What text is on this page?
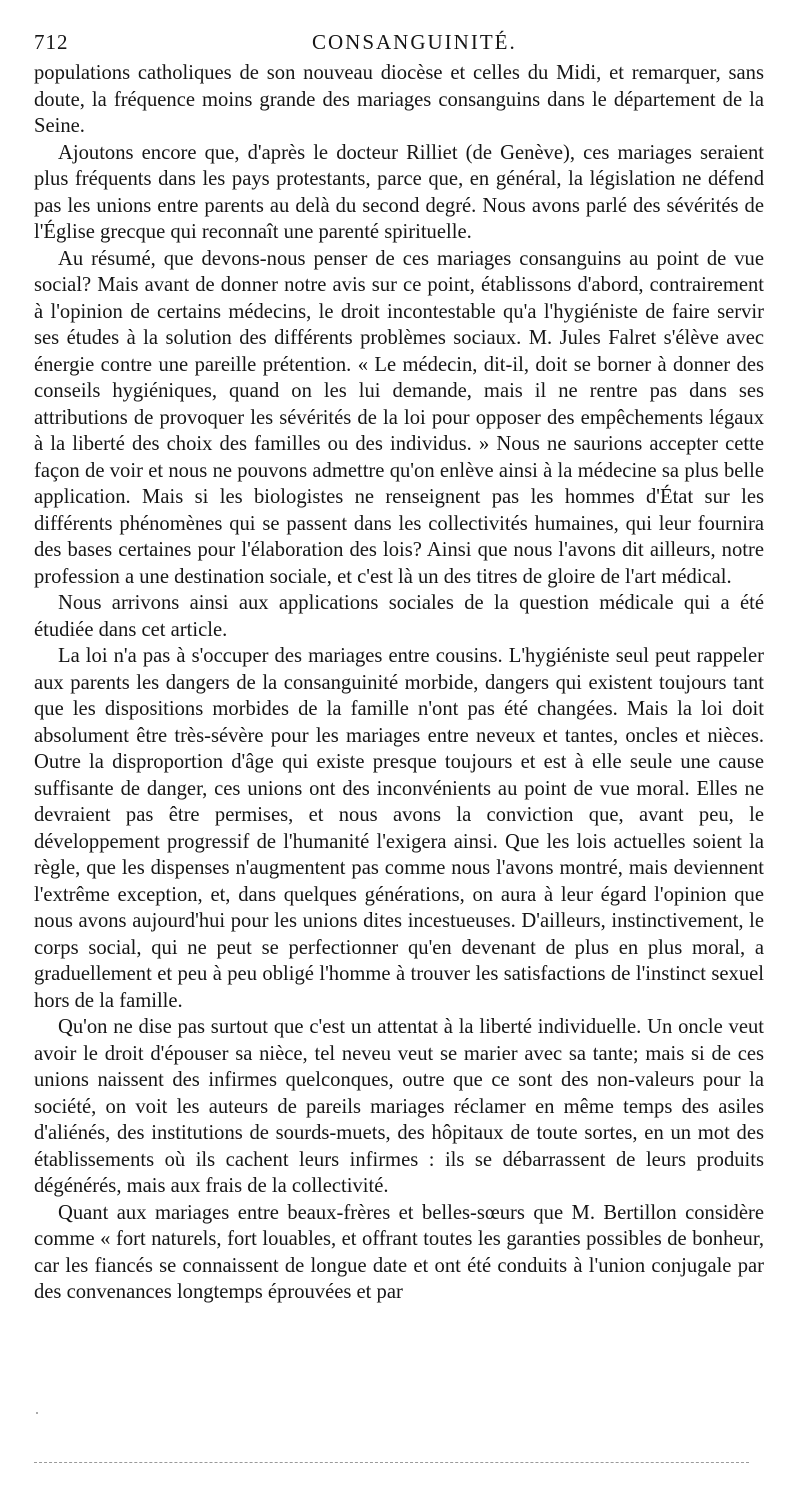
712	CONSANGUINITÉ.

populations catholiques de son nouveau diocèse et celles du Midi, et remarquer, sans doute, la fréquence moins grande des mariages consanguins dans le département de la Seine.

Ajoutons encore que, d'après le docteur Rilliet (de Genève), ces mariages seraient plus fréquents dans les pays protestants, parce que, en général, la législation ne défend pas les unions entre parents au delà du second degré. Nous avons parlé des sévérités de l'Église grecque qui reconnaît une parenté spirituelle.

Au résumé, que devons-nous penser de ces mariages consanguins au point de vue social? Mais avant de donner notre avis sur ce point, établissons d'abord, contrairement à l'opinion de certains médecins, le droit incontestable qu'a l'hygiéniste de faire servir ses études à la solution des différents problèmes sociaux. M. Jules Falret s'élève avec énergie contre une pareille prétention. « Le médecin, dit-il, doit se borner à donner des conseils hygiéniques, quand on les lui demande, mais il ne rentre pas dans ses attributions de provoquer les sévérités de la loi pour opposer des empêchements légaux à la liberté des choix des familles ou des individus. » Nous ne saurions accepter cette façon de voir et nous ne pouvons admettre qu'on enlève ainsi à la médecine sa plus belle application. Mais si les biologistes ne renseignent pas les hommes d'État sur les différents phénomènes qui se passent dans les collectivités humaines, qui leur fournira des bases certaines pour l'élaboration des lois? Ainsi que nous l'avons dit ailleurs, notre profession a une destination sociale, et c'est là un des titres de gloire de l'art médical.

Nous arrivons ainsi aux applications sociales de la question médicale qui a été étudiée dans cet article.

La loi n'a pas à s'occuper des mariages entre cousins. L'hygiéniste seul peut rappeler aux parents les dangers de la consanguinité morbide, dangers qui existent toujours tant que les dispositions morbides de la famille n'ont pas été changées. Mais la loi doit absolument être très-sévère pour les mariages entre neveux et tantes, oncles et nièces. Outre la disproportion d'âge qui existe presque toujours et est à elle seule une cause suffisante de danger, ces unions ont des inconvénients au point de vue moral. Elles ne devraient pas être permises, et nous avons la conviction que, avant peu, le développement progressif de l'humanité l'exigera ainsi. Que les lois actuelles soient la règle, que les dispenses n'augmentent pas comme nous l'avons montré, mais deviennent l'extrême exception, et, dans quelques générations, on aura à leur égard l'opinion que nous avons aujourd'hui pour les unions dites incestueuses. D'ailleurs, instinctivement, le corps social, qui ne peut se perfectionner qu'en devenant de plus en plus moral, a graduellement et peu à peu obligé l'homme à trouver les satisfactions de l'instinct sexuel hors de la famille.

Qu'on ne dise pas surtout que c'est un attentat à la liberté individuelle. Un oncle veut avoir le droit d'épouser sa nièce, tel neveu veut se marier avec sa tante; mais si de ces unions naissent des infirmes quelconques, outre que ce sont des non-valeurs pour la société, on voit les auteurs de pareils mariages réclamer en même temps des asiles d'aliénés, des institutions de sourds-muets, des hôpitaux de toute sortes, en un mot des établissements où ils cachent leurs infirmes : ils se débarrassent de leurs produits dégénérés, mais aux frais de la collectivité.

Quant aux mariages entre beaux-frères et belles-sœurs que M. Bertillon considère comme « fort naturels, fort louables, et offrant toutes les garanties possibles de bonheur, car les fiancés se connaissent de longue date et ont été conduits à l'union conjugale par des convenances longtemps éprouvées et par
